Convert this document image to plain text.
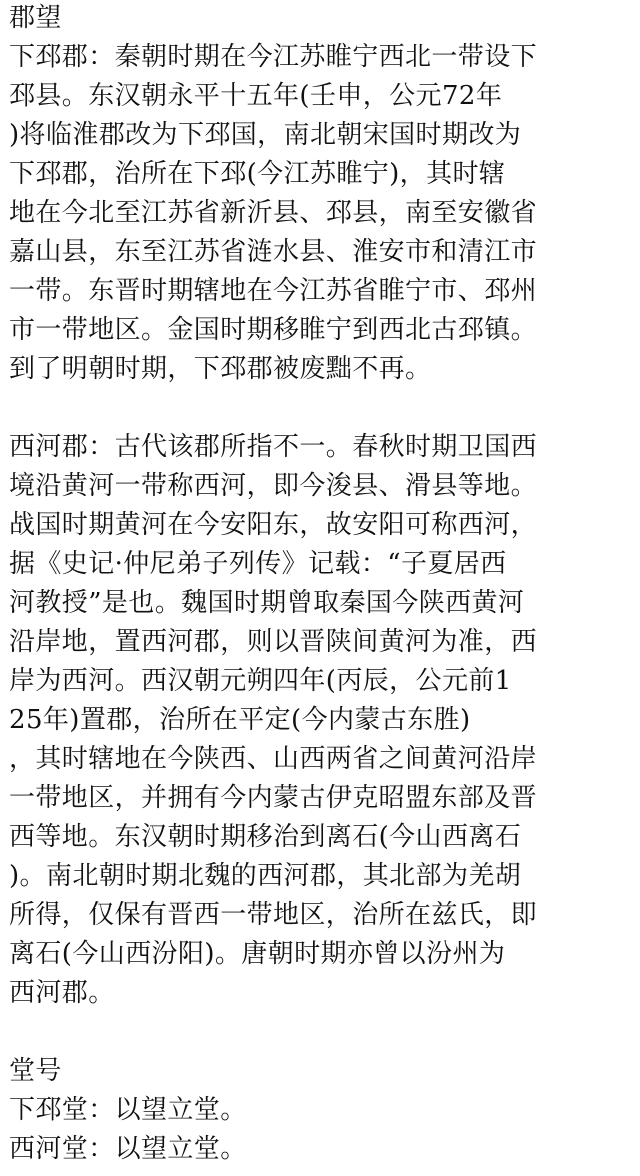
郡望
下邳郡：秦朝时期在今江苏睢宁西北一带设下
邳县。东汉朝永平十五年(壬申，公元72年
)将临淮郡改为下邳国，南北朝宋国时期改为
下邳郡，治所在下邳(今江苏睢宁)，其时辖
地在今北至江苏省新沂县、邳县，南至安徽省
嘉山县，东至江苏省涟水县、淮安市和清江市
一带。东晋时期辖地在今江苏省睢宁市、邳州
市一带地区。金国时期移睢宁到西北古邳镇。
到了明朝时期，下邳郡被废黜不再。
西河郡：古代该郡所指不一。春秋时期卫国西
境沿黄河一带称西河，即今浚县、滑县等地。
战国时期黄河在今安阳东，故安阳可称西河，
据《史记·仲尼弟子列传》记载：“子夏居西
河教授”是也。魏国时期曾取秦国今陕西黄河
沿岸地，置西河郡，则以晋陕间黄河为准，西
岸为西河。西汉朝元朔四年(丙辰，公元前1
25年)置郡，治所在平定(今内蒙古东胜)
，其时辖地在今陕西、山西两省之间黄河沿岸
一带地区，并拥有今内蒙古伊克昭盟东部及晋
西等地。东汉朝时期移治到离石(今山西离石
)。南北朝时期北魏的西河郡，其北部为羌胡
所得，仅保有晋西一带地区，治所在兹氏，即
离石(今山西汾阳)。唐朝时期亦曾以汾州为
西河郡。
堂号
下邳堂：以望立堂。
西河堂：以望立堂。
